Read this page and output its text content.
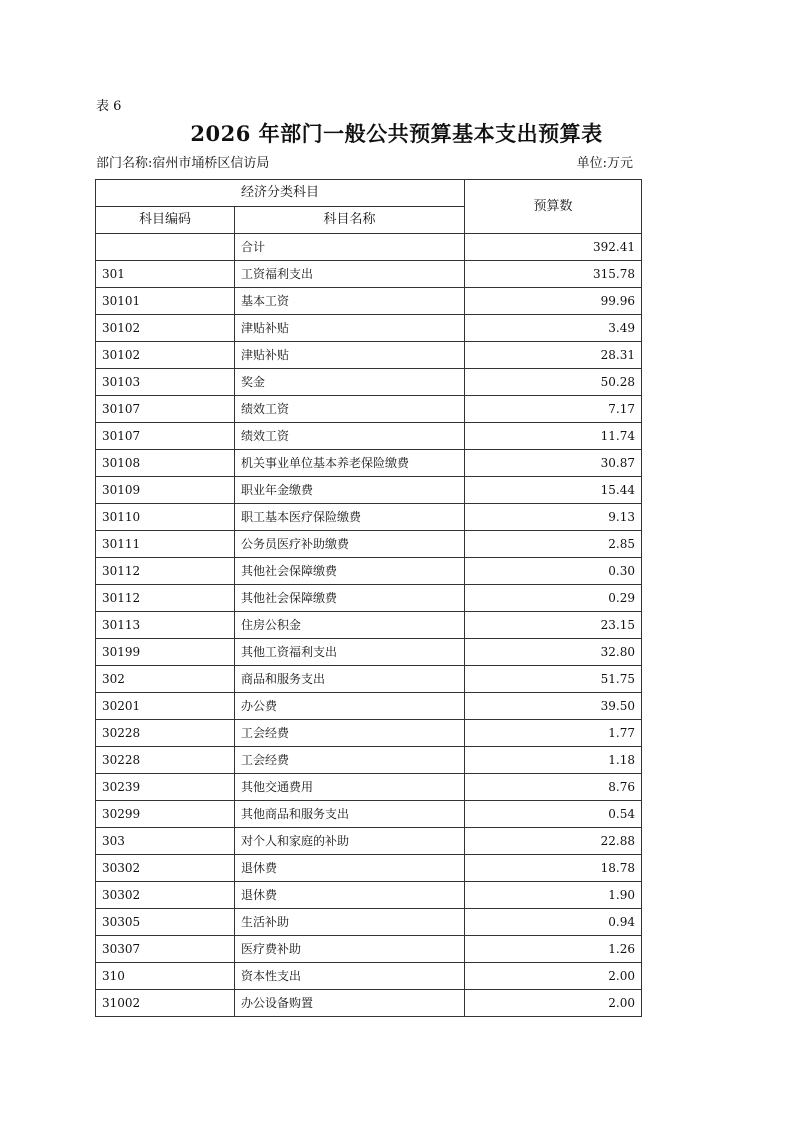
表 6
2026 年部门一般公共预算基本支出预算表
部门名称:宿州市埇桥区信访局	单位:万元
经济分类科目		预算数
科目编码	科目名称	
	合计	392.41
301	工资福利支出	315.78
30101	基本工资	99.96
30102	津贴补贴	3.49
30102	津贴补贴	28.31
30103	奖金	50.28
30107	绩效工资	7.17
30107	绩效工资	11.74
30108	机关事业单位基本养老保险缴费	30.87
30109	职业年金缴费	15.44
30110	职工基本医疗保险缴费	9.13
30111	公务员医疗补助缴费	2.85
30112	其他社会保障缴费	0.30
30112	其他社会保障缴费	0.29
30113	住房公积金	23.15
30199	其他工资福利支出	32.80
302	商品和服务支出	51.75
30201	办公费	39.50
30228	工会经费	1.77
30228	工会经费	1.18
30239	其他交通费用	8.76
30299	其他商品和服务支出	0.54
303	对个人和家庭的补助	22.88
30302	退休费	18.78
30302	退休费	1.90
30305	生活补助	0.94
30307	医疗费补助	1.26
310	资本性支出	2.00
31002	办公设备购置	2.00
